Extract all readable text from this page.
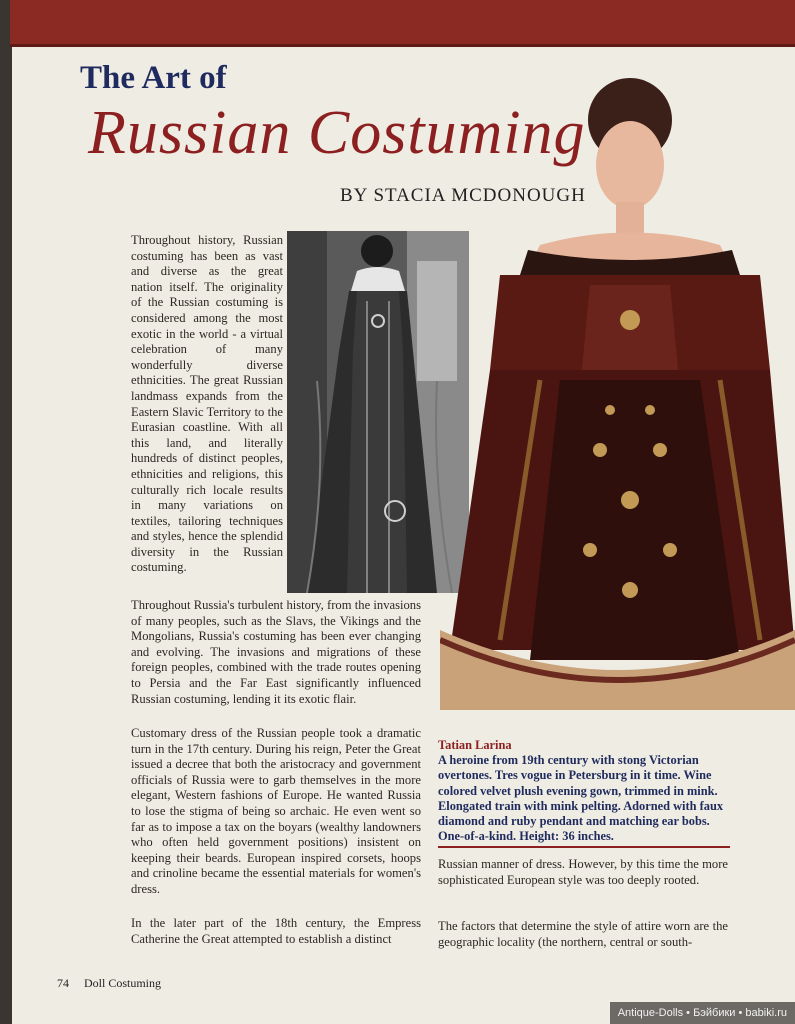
The Art of
Russian Costuming
BY STACIA MCDONOUGH
Throughout history, Russian costuming has been as vast and diverse as the great nation itself. The originality of the Russian costuming is considered among the most exotic in the world - a virtual celebration of many wonderfully diverse ethnicities. The great Russian landmass expands from the Eastern Slavic Territory to the Eurasian coastline. With all this land, and literally hundreds of distinct peoples, ethnicities and religions, this culturally rich locale results in many variations on textiles, tailoring techniques and styles, hence the splendid diversity in the Russian costuming.
Throughout Russia's turbulent history, from the invasions of many peoples, such as the Slavs, the Vikings and the Mongolians, Russia's costuming has been ever changing and evolving. The invasions and migrations of these foreign peoples, combined with the trade routes opening to Persia and the Far East significantly influenced Russian costuming, lending it its exotic flair.
Customary dress of the Russian people took a dramatic turn in the 17th century. During his reign, Peter the Great issued a decree that both the aristocracy and government officials of Russia were to garb themselves in the more elegant, Western fashions of Europe. He wanted Russia to lose the stigma of being so archaic. He even went so far as to impose a tax on the boyars (wealthy landowners who often held government positions) insistent on keeping their beards. European inspired corsets, hoops and crinoline became the essential materials for women's dress.
In the later part of the 18th century, the Empress Catherine the Great attempted to establish a distinct
Tatian Larina
A heroine from 19th century with stong Victorian overtones. Tres vogue in Petersburg in it time. Wine colored velvet plush evening gown, trimmed in mink. Elongated train with mink pelting. Adorned with faux diamond and ruby pendant and matching ear bobs. One-of-a-kind. Height: 36 inches.
Russian manner of dress. However, by this time the more sophisticated European style was too deeply rooted.
The factors that determine the style of attire worn are the geographic locality (the northern, central or south-
74 Doll Costuming
Antique-Dolls • Бэйбики • babiki.ru
